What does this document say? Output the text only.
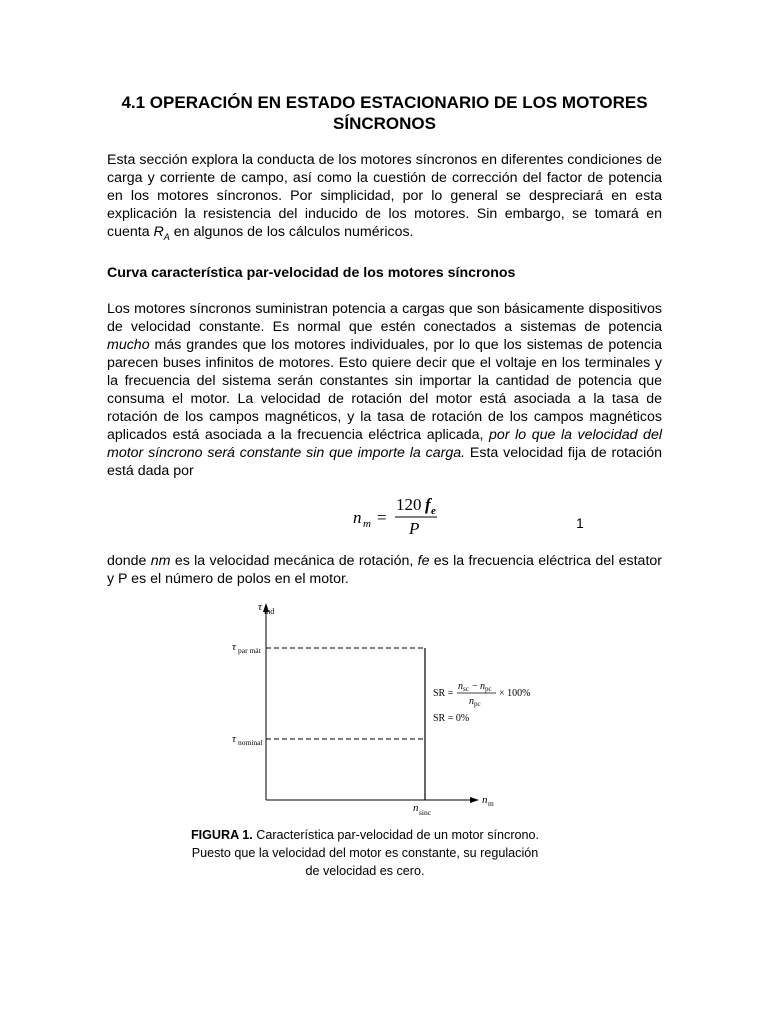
4.1 OPERACIÓN EN ESTADO ESTACIONARIO DE LOS MOTORES
SÍNCRONOS

Esta sección explora la conducta de los motores síncronos en diferentes condiciones de carga y corriente de campo, así como la cuestión de corrección del factor de potencia en los motores síncronos. Por simplicidad, por lo general se despreciará en esta explicación la resistencia del inducido de los motores. Sin embargo, se tomará en cuenta $R_A$ en algunos de los cálculos numéricos.

Curva característica par-velocidad de los motores síncronos

Los motores síncronos suministran potencia a cargas que son básicamente dispositivos de velocidad constante. Es normal que estén conectados a sistemas de potencia mucho más grandes que los motores individuales, por lo que los sistemas de potencia parecen buses infinitos de motores. Esto quiere decir que el voltaje en los terminales y la frecuencia del sistema serán constantes sin importar la cantidad de potencia que consuma el motor. La velocidad de rotación del motor está asociada a la tasa de rotación de los campos magnéticos, y la tasa de rotación de los campos magnéticos aplicados está asociada a la frecuencia eléctrica aplicada, por lo que la velocidad del motor síncrono será constante sin que importe la carga. Esta velocidad fija de rotación está dada por

n m =
120 f e
P	1

donde nm es la velocidad mecánica de rotación, fe es la frecuencia eléctrica del estator y P es el número de polos en el motor.

τ ind
τ par mát
τ nominal
n m
n sinc
SR =
n sc − n pc
n pc
× 100%
SR = 0%
FIGURA 1. Característica par-velocidad de un motor síncrono.
Puesto que la velocidad del motor es constante, su regulación
de velocidad es cero.
